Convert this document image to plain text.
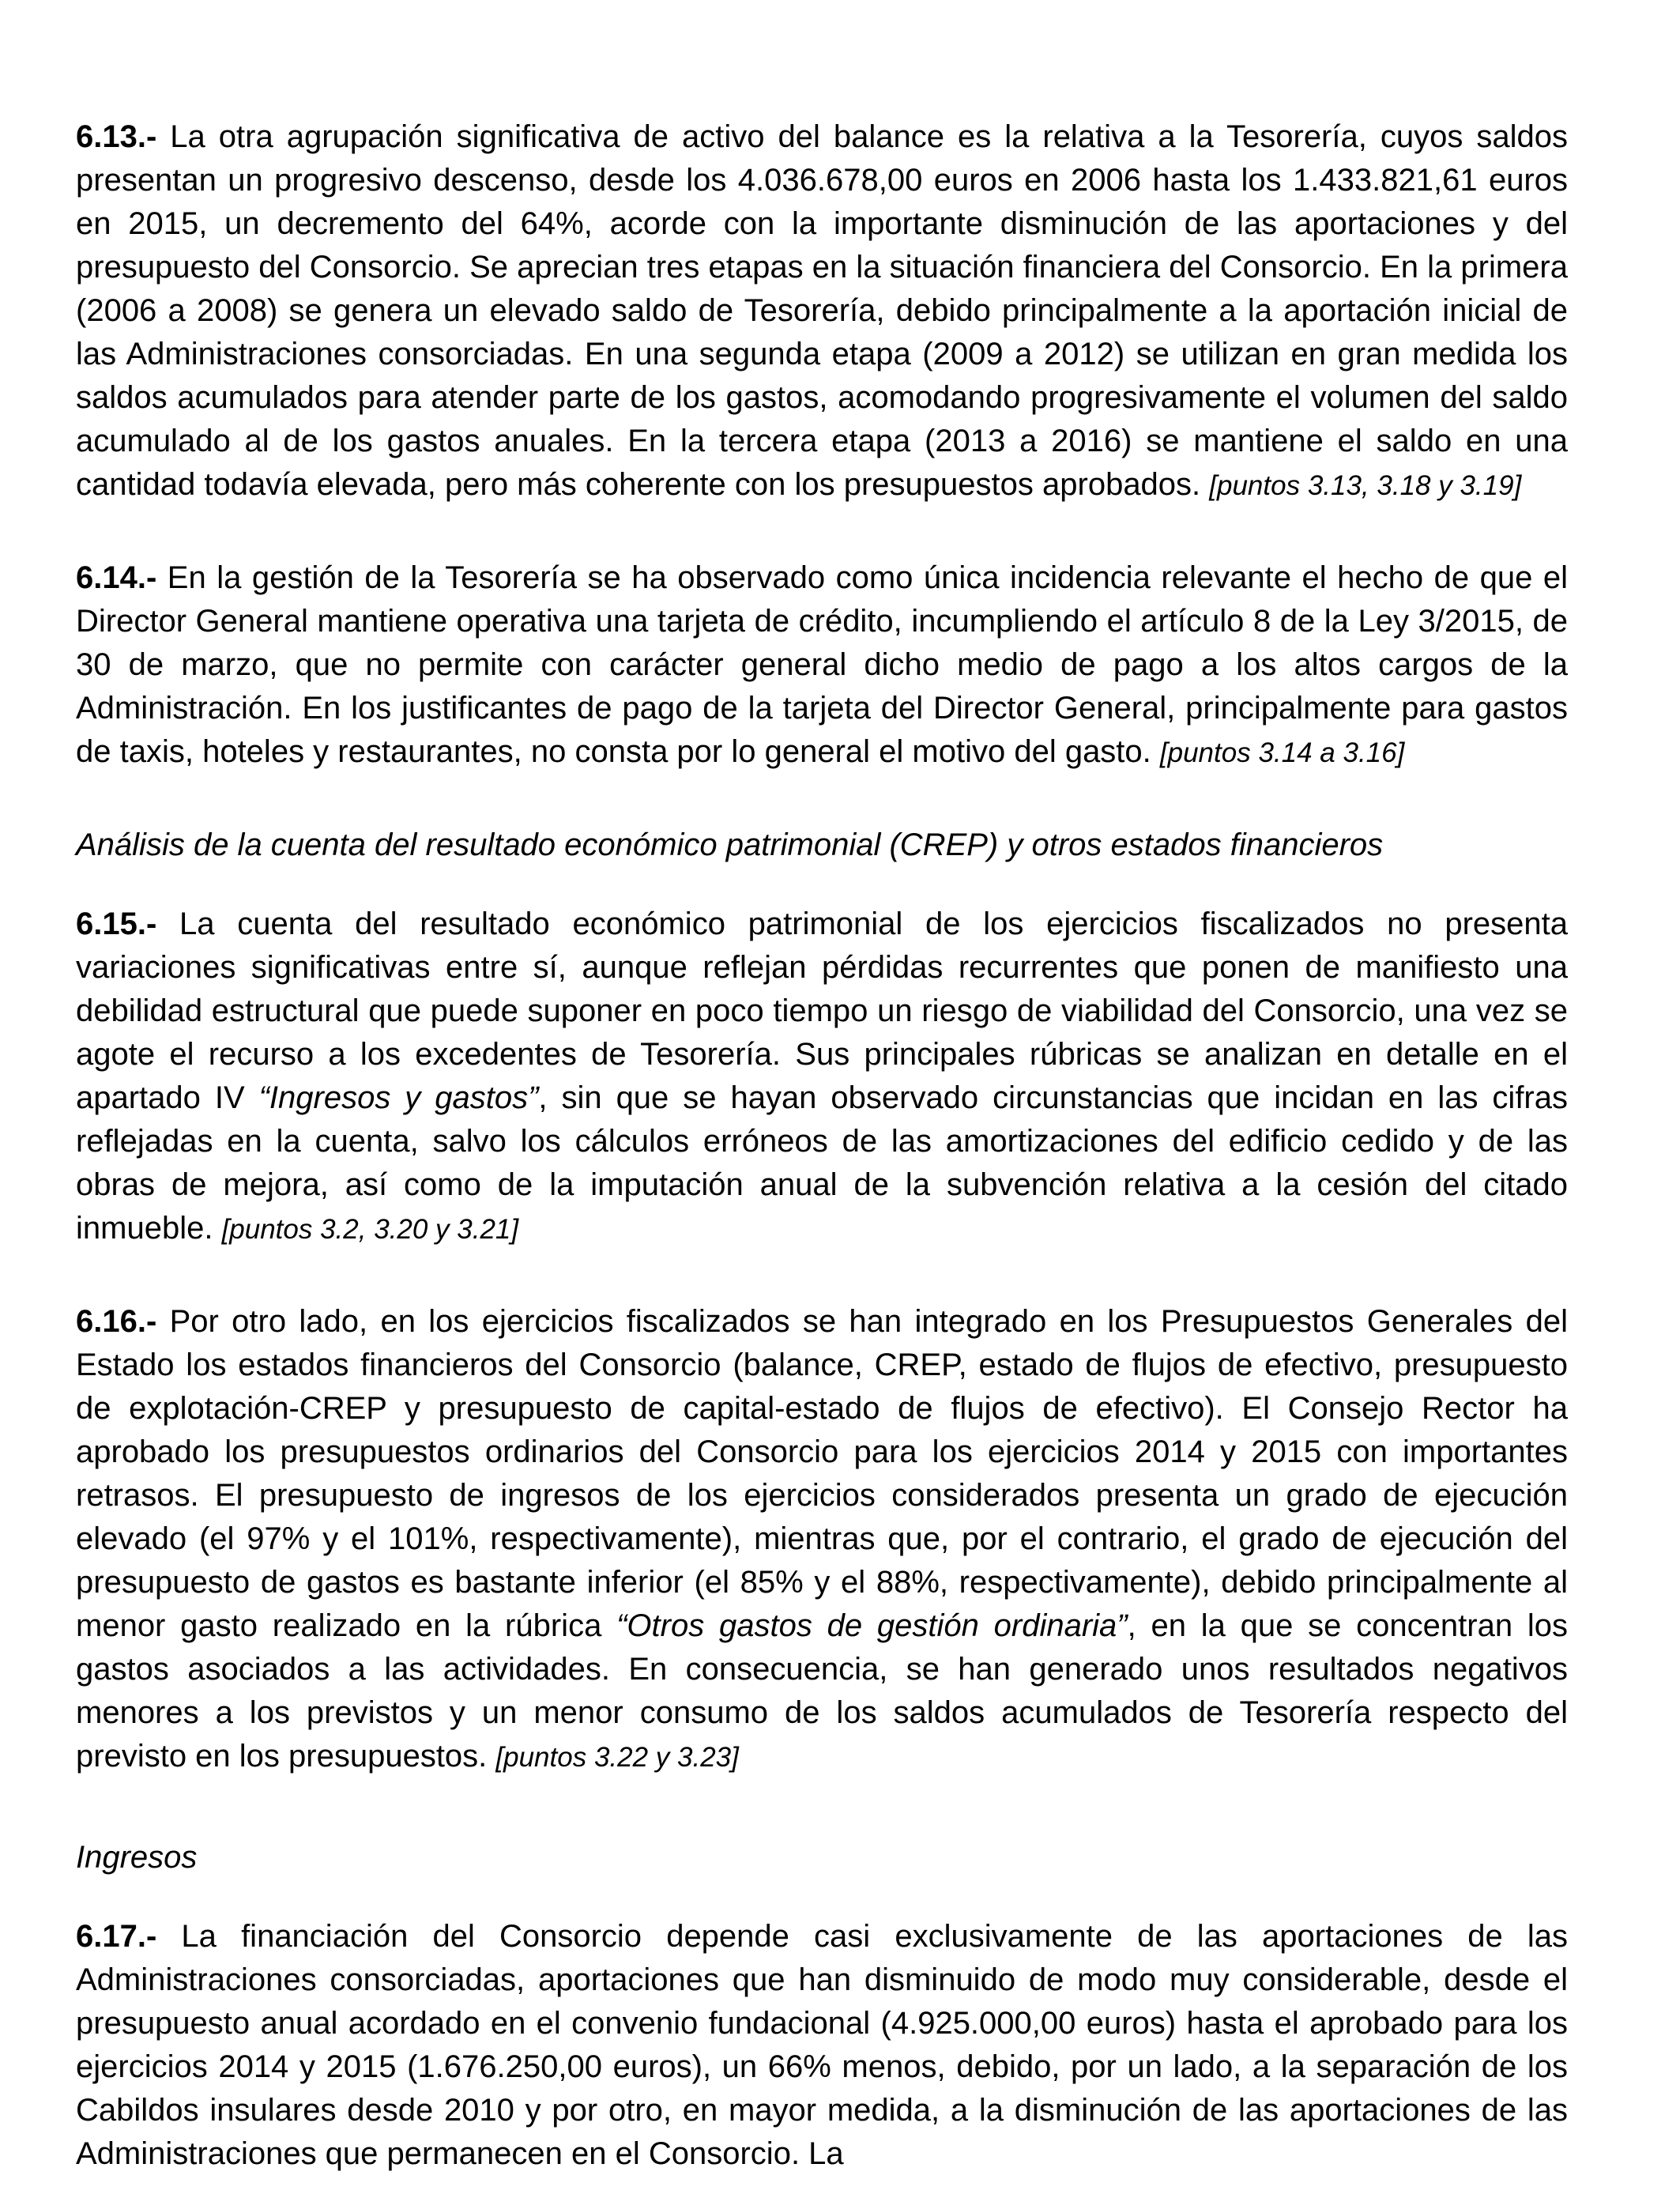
6.13.- La otra agrupación significativa de activo del balance es la relativa a la Tesorería, cuyos saldos presentan un progresivo descenso, desde los 4.036.678,00 euros en 2006 hasta los 1.433.821,61 euros en 2015, un decremento del 64%, acorde con la importante disminución de las aportaciones y del presupuesto del Consorcio. Se aprecian tres etapas en la situación financiera del Consorcio. En la primera (2006 a 2008) se genera un elevado saldo de Tesorería, debido principalmente a la aportación inicial de las Administraciones consorciadas. En una segunda etapa (2009 a 2012) se utilizan en gran medida los saldos acumulados para atender parte de los gastos, acomodando progresivamente el volumen del saldo acumulado al de los gastos anuales. En la tercera etapa (2013 a 2016) se mantiene el saldo en una cantidad todavía elevada, pero más coherente con los presupuestos aprobados. [puntos 3.13, 3.18 y 3.19]

6.14.- En la gestión de la Tesorería se ha observado como única incidencia relevante el hecho de que el Director General mantiene operativa una tarjeta de crédito, incumpliendo el artículo 8 de la Ley 3/2015, de 30 de marzo, que no permite con carácter general dicho medio de pago a los altos cargos de la Administración. En los justificantes de pago de la tarjeta del Director General, principalmente para gastos de taxis, hoteles y restaurantes, no consta por lo general el motivo del gasto. [puntos 3.14 a 3.16]

Análisis de la cuenta del resultado económico patrimonial (CREP) y otros estados financieros

6.15.- La cuenta del resultado económico patrimonial de los ejercicios fiscalizados no presenta variaciones significativas entre sí, aunque reflejan pérdidas recurrentes que ponen de manifiesto una debilidad estructural que puede suponer en poco tiempo un riesgo de viabilidad del Consorcio, una vez se agote el recurso a los excedentes de Tesorería. Sus principales rúbricas se analizan en detalle en el apartado IV “Ingresos y gastos”, sin que se hayan observado circunstancias que incidan en las cifras reflejadas en la cuenta, salvo los cálculos erróneos de las amortizaciones del edificio cedido y de las obras de mejora, así como de la imputación anual de la subvención relativa a la cesión del citado inmueble. [puntos 3.2, 3.20 y 3.21]

6.16.- Por otro lado, en los ejercicios fiscalizados se han integrado en los Presupuestos Generales del Estado los estados financieros del Consorcio (balance, CREP, estado de flujos de efectivo, presupuesto de explotación-CREP y presupuesto de capital-estado de flujos de efectivo). El Consejo Rector ha aprobado los presupuestos ordinarios del Consorcio para los ejercicios 2014 y 2015 con importantes retrasos. El presupuesto de ingresos de los ejercicios considerados presenta un grado de ejecución elevado (el 97% y el 101%, respectivamente), mientras que, por el contrario, el grado de ejecución del presupuesto de gastos es bastante inferior (el 85% y el 88%, respectivamente), debido principalmente al menor gasto realizado en la rúbrica “Otros gastos de gestión ordinaria”, en la que se concentran los gastos asociados a las actividades. En consecuencia, se han generado unos resultados negativos menores a los previstos y un menor consumo de los saldos acumulados de Tesorería respecto del previsto en los presupuestos. [puntos 3.22 y 3.23]

Ingresos

6.17.- La financiación del Consorcio depende casi exclusivamente de las aportaciones de las Administraciones consorciadas, aportaciones que han disminuido de modo muy considerable, desde el presupuesto anual acordado en el convenio fundacional (4.925.000,00 euros) hasta el aprobado para los ejercicios 2014 y 2015 (1.676.250,00 euros), un 66% menos, debido, por un lado, a la separación de los Cabildos insulares desde 2010 y por otro, en mayor medida, a la disminución de las aportaciones de las Administraciones que permanecen en el Consorcio. La
